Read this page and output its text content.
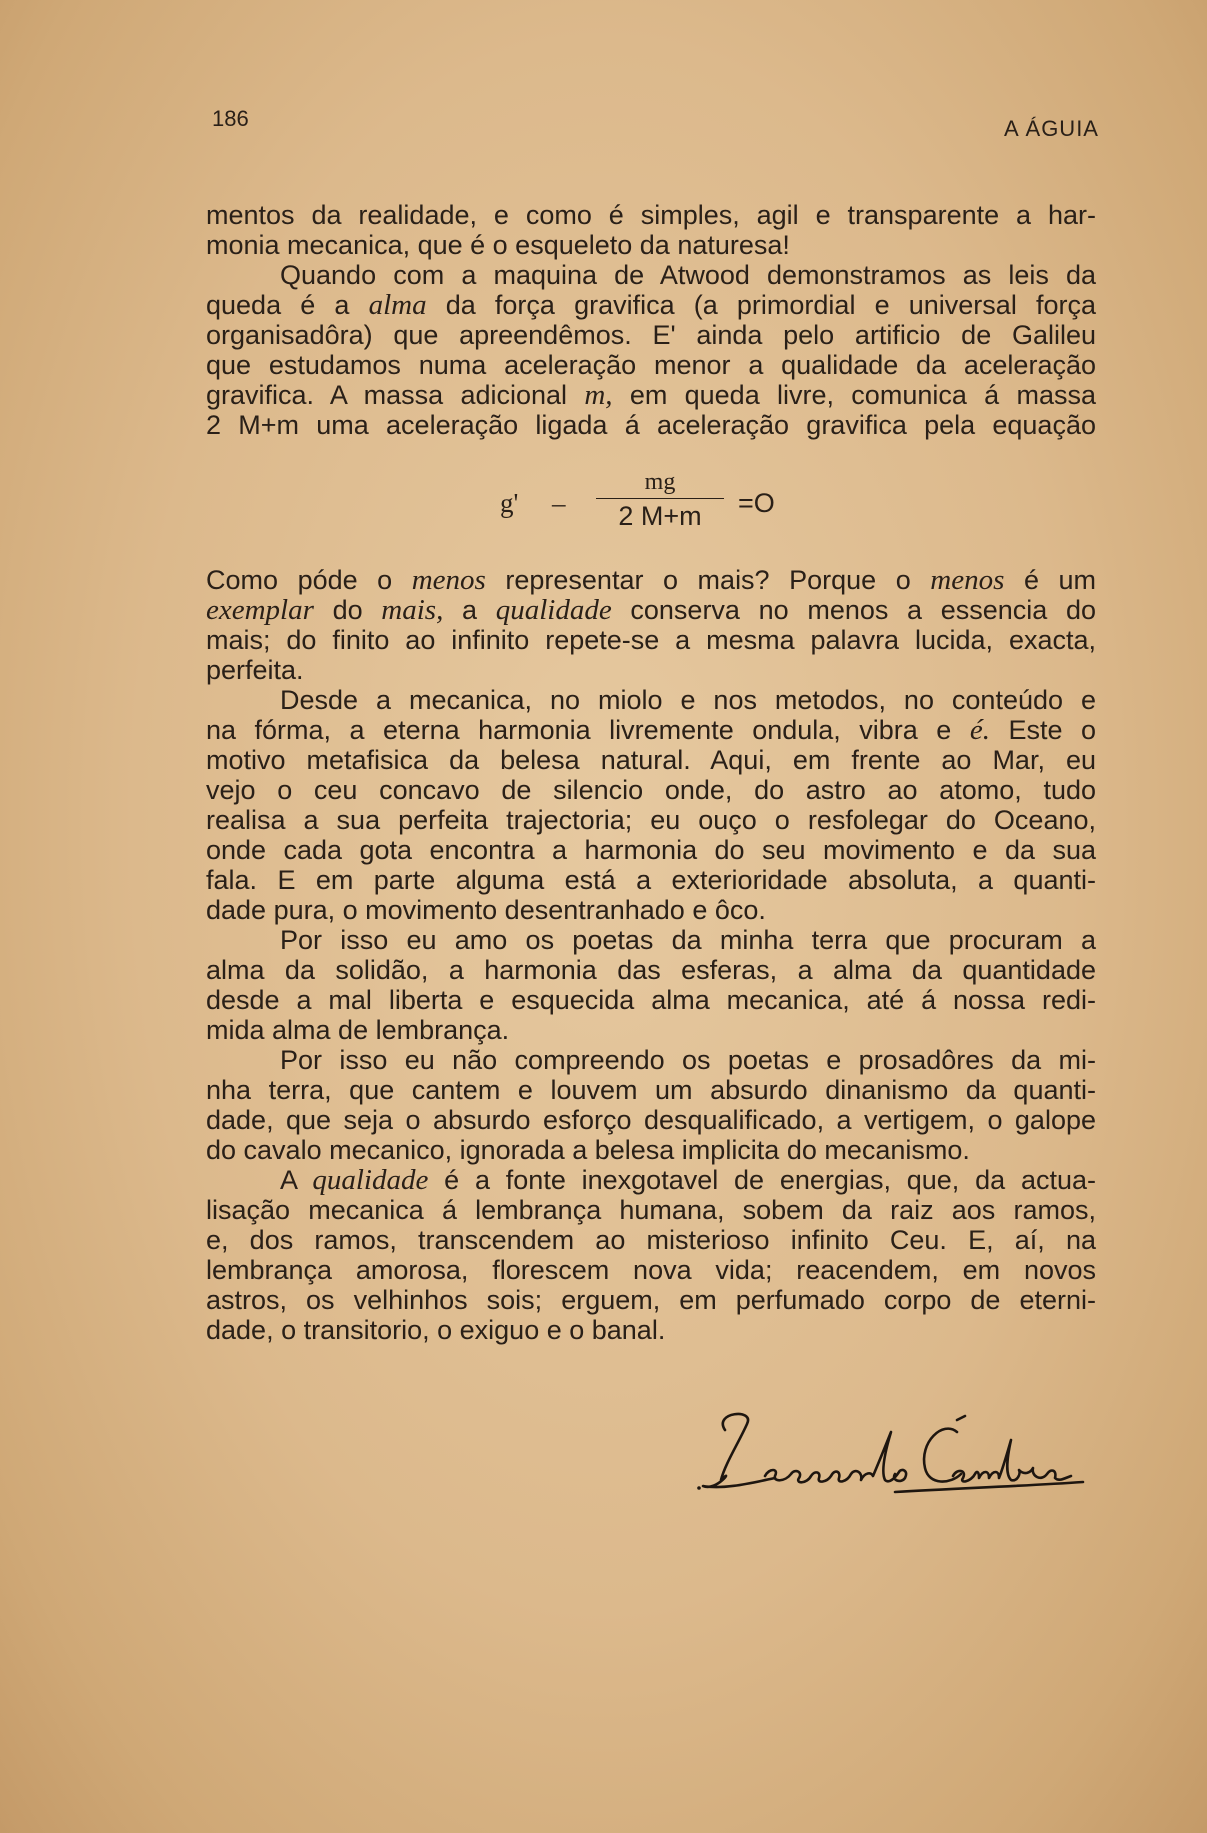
186	A ÁGUIA
mentos da realidade, e como é simples, agil e transparente a har-
monia mecanica, que é o esqueleto da naturesa!
Quando com a maquina de Atwood demonstramos as leis da
queda é a alma da força gravifica (a primordial e universal força
organisadôra) que apreendêmos. E' ainda pelo artificio de Galileu
que estudamos numa aceleração menor a qualidade da aceleração
gravifica. A massa adicional m, em queda livre, comunica á massa
2 M+m uma aceleração ligada á aceleração gravifica pela equação
Como póde o menos representar o mais? Porque o menos é um
exemplar do mais, a qualidade conserva no menos a essencia do
mais; do finito ao infinito repete-se a mesma palavra lucida, exacta,
perfeita.
Desde a mecanica, no miolo e nos metodos, no conteúdo e
na fórma, a eterna harmonia livremente ondula, vibra e é. Este o
motivo metafisica da belesa natural. Aqui, em frente ao Mar, eu
vejo o ceu concavo de silencio onde, do astro ao atomo, tudo
realisa a sua perfeita trajectoria; eu ouço o resfolegar do Oceano,
onde cada gota encontra a harmonia do seu movimento e da sua
fala. E em parte alguma está a exterioridade absoluta, a quanti-
dade pura, o movimento desentranhado e ôco.
Por isso eu amo os poetas da minha terra que procuram a
alma da solidão, a harmonia das esferas, a alma da quantidade
desde a mal liberta e esquecida alma mecanica, até á nossa redi-
mida alma de lembrança.
Por isso eu não compreendo os poetas e prosadôres da mi-
nha terra, que cantem e louvem um absurdo dinanismo da quanti-
dade, que seja o absurdo esforço desqualificado, a vertigem, o galope
do cavalo mecanico, ignorada a belesa implicita do mecanismo.
A qualidade é a fonte inexgotavel de energias, que, da actua-
lisação mecanica á lembrança humana, sobem da raiz aos ramos,
e, dos ramos, transcendem ao misterioso infinito Ceu. E, aí, na
lembrança amorosa, florescem nova vida; reacendem, em novos
astros, os velhinhos sois; erguem, em perfumado corpo de eterni-
dade, o transitorio, o exiguo e o banal.
g' –
mg
2 M+m	=O
Leonardo Coimbra
